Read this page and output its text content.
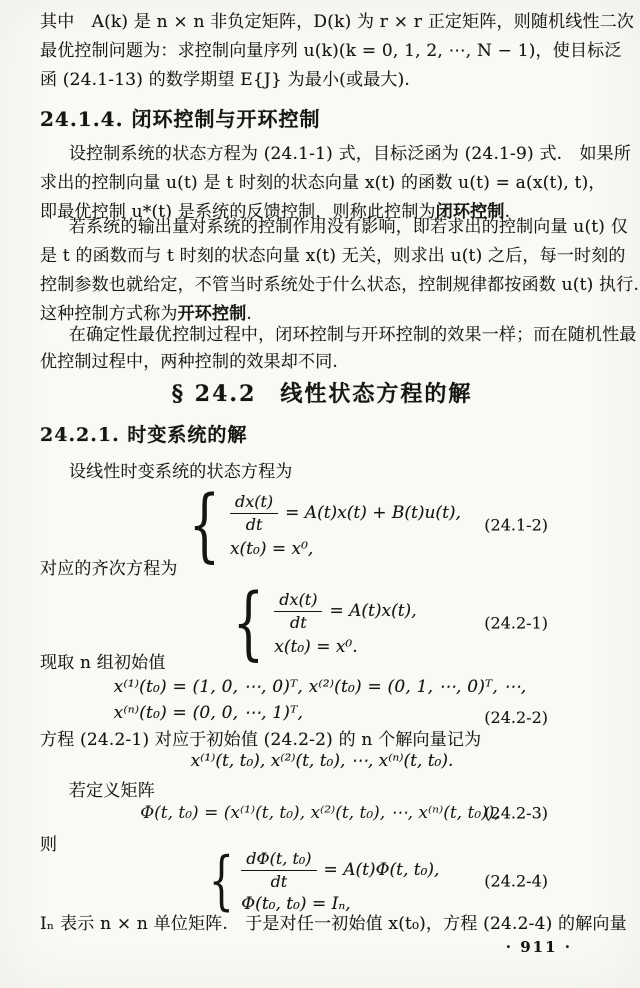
其中　A(k) 是 n × n 非负定矩阵，D(k) 为 r × r 正定矩阵，则随机线性二次
最优控制问题为：求控制向量序列 u(k)(k = 0, 1, 2, ⋯, N − 1)，使目标泛
函 (24.1-13) 的数学期望 E{J} 为最小(或最大).
24.1.4. 闭环控制与开环控制
设控制系统的状态方程为 (24.1-1) 式，目标泛函为 (24.1-9) 式.　如果所
求出的控制向量 u(t) 是 t 时刻的状态向量 x(t) 的函数 u(t) = a(x(t), t)，
即最优控制 u*(t) 是系统的反馈控制，则称此控制为闭环控制.
若系统的输出量对系统的控制作用没有影响，即若求出的控制向量 u(t) 仅
是 t 的函数而与 t 时刻的状态向量 x(t) 无关，则求出 u(t) 之后，每一时刻的
控制参数也就给定，不管当时系统处于什么状态，控制规律都按函数 u(t) 执行.
这种控制方式称为开环控制.
在确定性最优控制过程中，闭环控制与开环控制的效果一样；而在随机性最
优控制过程中，两种控制的效果却不同.
§ 24.2　线性状态方程的解
24.2.1. 时变系统的解
设线性时变系统的状态方程为
{ $\frac{dx(t)}{dt} = A(t)x(t) + B(t)u(t)$,
x(t₀) = x⁰,
(24.1-2)
对应的齐次方程为
{ $\frac{dx(t)}{dt} = A(t)x(t)$,
x(t₀) = x⁰.
(24.2-1)
现取 n 组初始值
x⁽¹⁾(t₀) = (1, 0, ⋯, 0)ᵀ, x⁽²⁾(t₀) = (0, 1, ⋯, 0)ᵀ, ⋯,
x⁽ⁿ⁾(t₀) = (0, 0, ⋯, 1)ᵀ,	(24.2-2)
方程 (24.2-1) 对应于初始值 (24.2-2) 的 n 个解向量记为
x⁽¹⁾(t, t₀), x⁽²⁾(t, t₀), ⋯, x⁽ⁿ⁾(t, t₀).
若定义矩阵
Φ(t, t₀) = (x⁽¹⁾(t, t₀), x⁽²⁾(t, t₀), ⋯, x⁽ⁿ⁾(t, t₀)),
(24.2-3)
则	{ $\frac{\text{dΦ(t, t₀)}}{dt} = A(t)\Phi(t$, t₀),
Φ(t₀, t₀) = Iₙ,
(24.2-4)
Iₙ 表示 n × n 单位矩阵.　于是对任一初始值 x(t₀)，方程 (24.2-4) 的解向量
· 911 ·
